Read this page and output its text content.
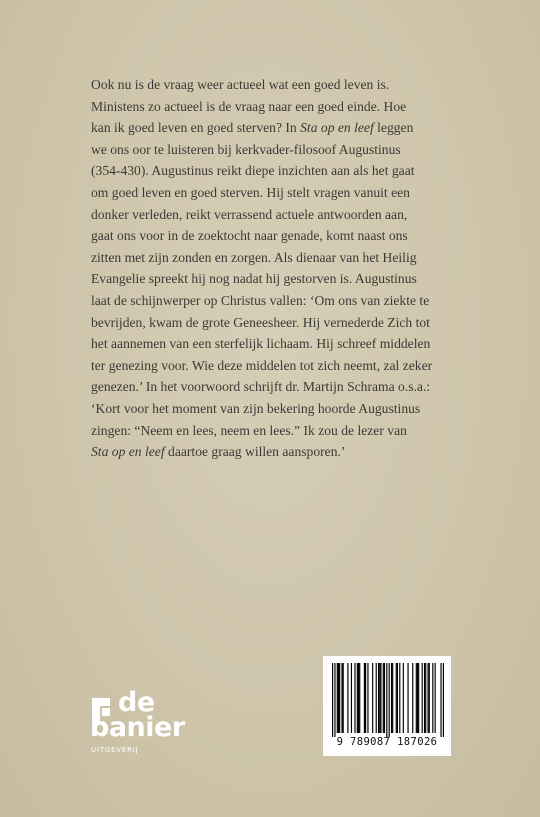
Ook nu is de vraag weer actueel wat een goed leven is.
Ministens zo actueel is de vraag naar een goed einde. Hoe
kan ik goed leven en goed sterven? In Sta op en leef leggen
we ons oor te luisteren bij kerkvader-filosoof Augustinus
(354-430). Augustinus reikt diepe inzichten aan als het gaat
om goed leven en goed sterven. Hij stelt vragen vanuit een
donker verleden, reikt verrassend actuele antwoorden aan,
gaat ons voor in de zoektocht naar genade, komt naast ons
zitten met zijn zonden en zorgen. Als dienaar van het Heilig
Evangelie spreekt hij nog nadat hij gestorven is. Augustinus
laat de schijnwerper op Christus vallen: ‘Om ons van ziekte te
bevrijden, kwam de grote Geneesheer. Hij vernederde Zich tot
het aannemen van een sterfelijk lichaam. Hij schreef middelen
ter genezing voor. Wie deze middelen tot zich neemt, zal zeker
genezen.’ In het voorwoord schrijft dr. Martijn Schrama o.s.a.:
‘Kort voor het moment van zijn bekering hoorde Augustinus
zingen: “Neem en lees, neem en lees.” Ik zou de lezer van
Sta op en leef daartoe graag willen aansporen.’
de
banier
UITGEVERIJ
9 789087 187026
